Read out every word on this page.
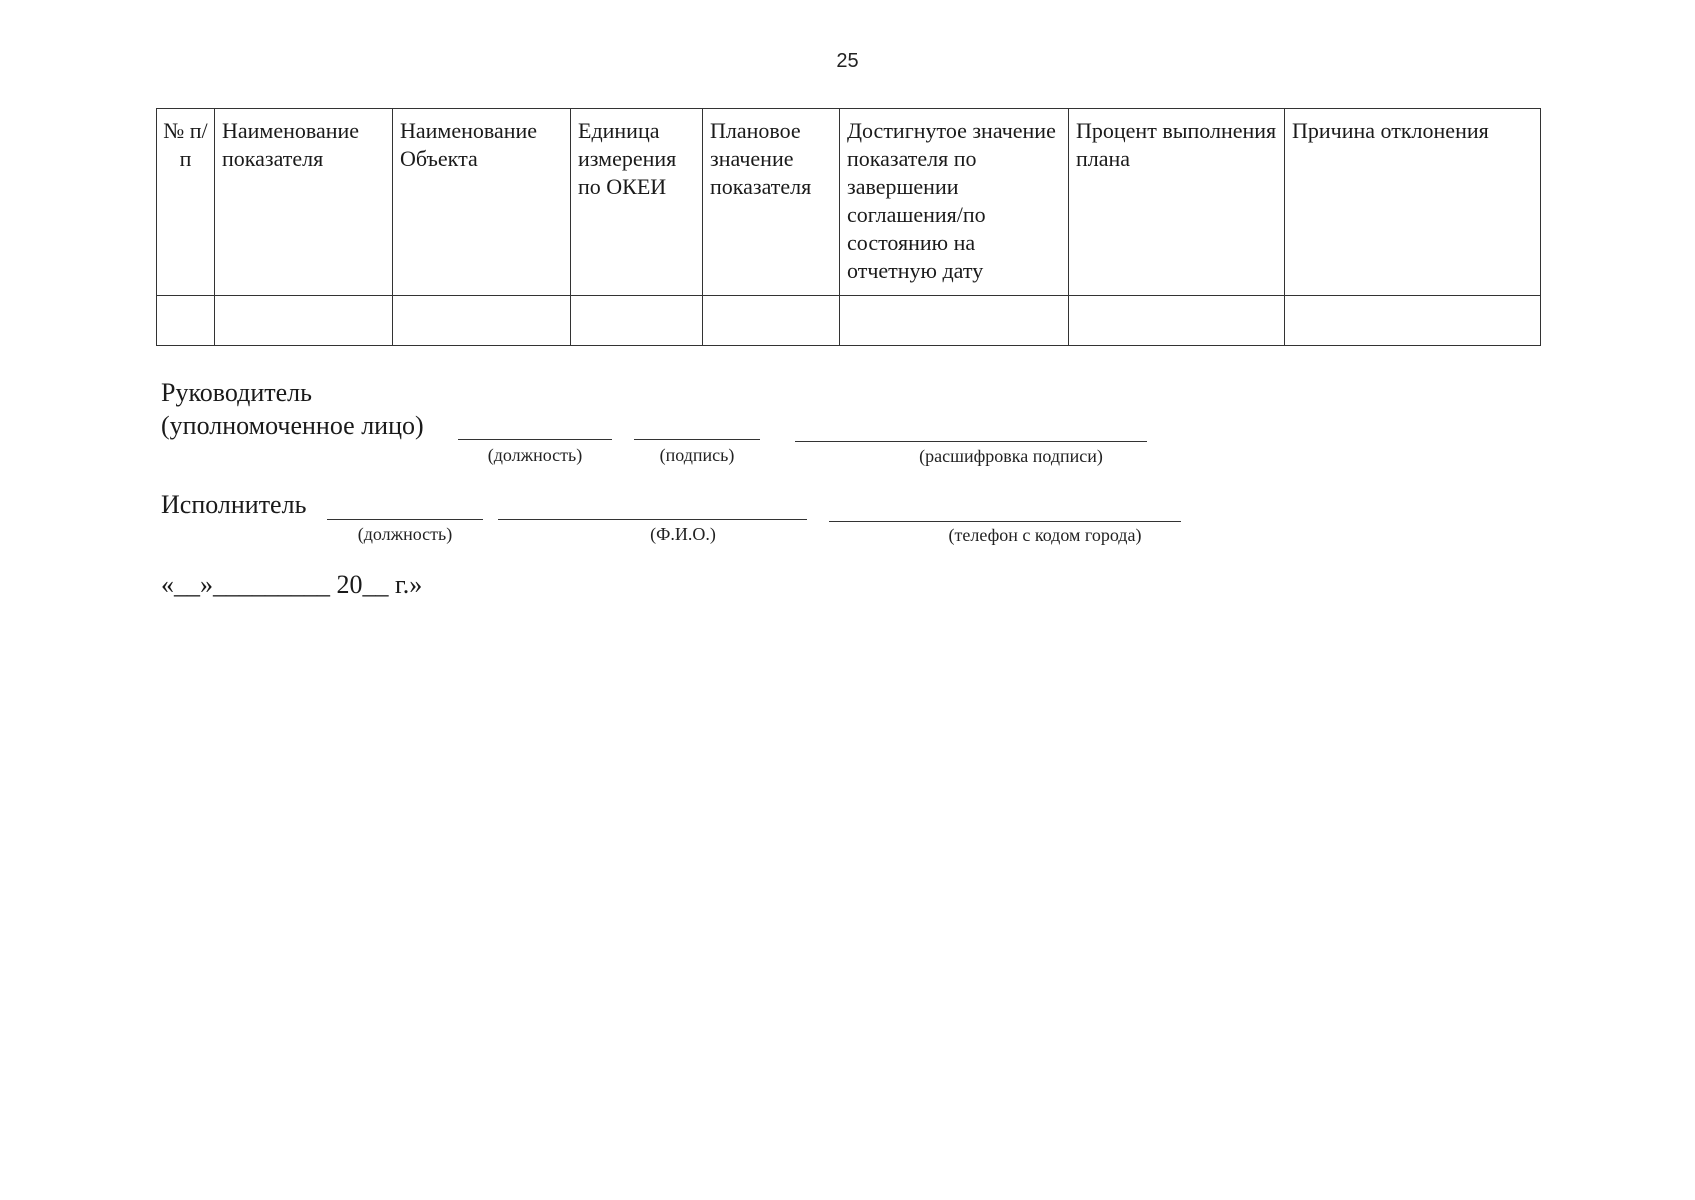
25
№ п/п	Наименование показателя	Наименование Объекта	Единица измерения по ОКЕИ	Плановое значение показателя	Достигнутое значение показателя по завершении соглашения/по состоянию на отчетную дату	Процент выполнения плана	Причина отклонения

Руководитель
(уполномоченное лицо)
(должность)	(подпись)	(расшифровка подписи)
Исполнитель
(должность)	(Ф.И.О.)	(телефон с кодом города)
«__»_________ 20__ г.»
